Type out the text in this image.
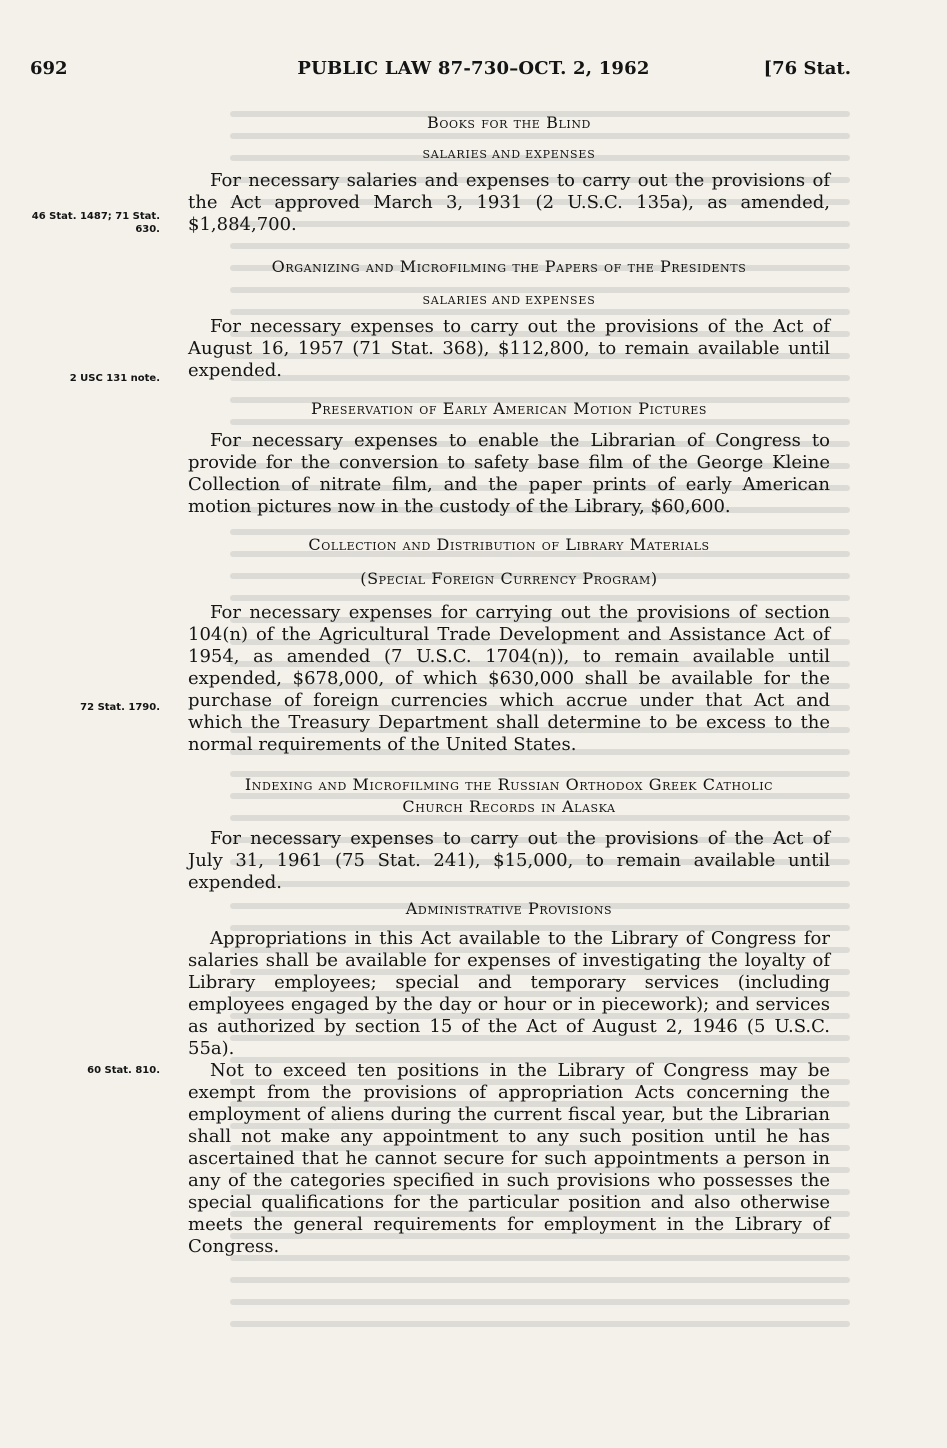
692	PUBLIC LAW 87-730–OCT. 2, 1962	[76 Stat.
46 Stat. 1487; 71 Stat. 630.
2 USC 131 note.
72 Stat. 1790.
60 Stat. 810.
Books for the Blind
SALARIES AND EXPENSES

For necessary salaries and expenses to carry out the provisions of the Act approved March 3, 1931 (2 U.S.C. 135a), as amended, $1,884,700.

Organizing and Microfilming the Papers of the Presidents
SALARIES AND EXPENSES

For necessary expenses to carry out the provisions of the Act of August 16, 1957 (71 Stat. 368), $112,800, to remain available until expended.

Preservation of Early American Motion Pictures

For necessary expenses to enable the Librarian of Congress to provide for the conversion to safety base film of the George Kleine Collection of nitrate film, and the paper prints of early American motion pictures now in the custody of the Library, $60,600.

Collection and Distribution of Library Materials
(Special Foreign Currency Program)

For necessary expenses for carrying out the provisions of section 104(n) of the Agricultural Trade Development and Assistance Act of 1954, as amended (7 U.S.C. 1704(n)), to remain available until expended, $678,000, of which $630,000 shall be available for the purchase of foreign currencies which accrue under that Act and which the Treasury Department shall determine to be excess to the normal requirements of the United States.

Indexing and Microfilming the Russian Orthodox Greek Catholic Church Records in Alaska

For necessary expenses to carry out the provisions of the Act of July 31, 1961 (75 Stat. 241), $15,000, to remain available until expended.

Administrative Provisions

Appropriations in this Act available to the Library of Congress for salaries shall be available for expenses of investigating the loyalty of Library employees; special and temporary services (including employees engaged by the day or hour or in piecework); and services as authorized by section 15 of the Act of August 2, 1946 (5 U.S.C. 55a).

Not to exceed ten positions in the Library of Congress may be exempt from the provisions of appropriation Acts concerning the employment of aliens during the current fiscal year, but the Librarian shall not make any appointment to any such position until he has ascertained that he cannot secure for such appointments a person in any of the categories specified in such provisions who possesses the special qualifications for the particular position and also otherwise meets the general requirements for employment in the Library of Congress.
